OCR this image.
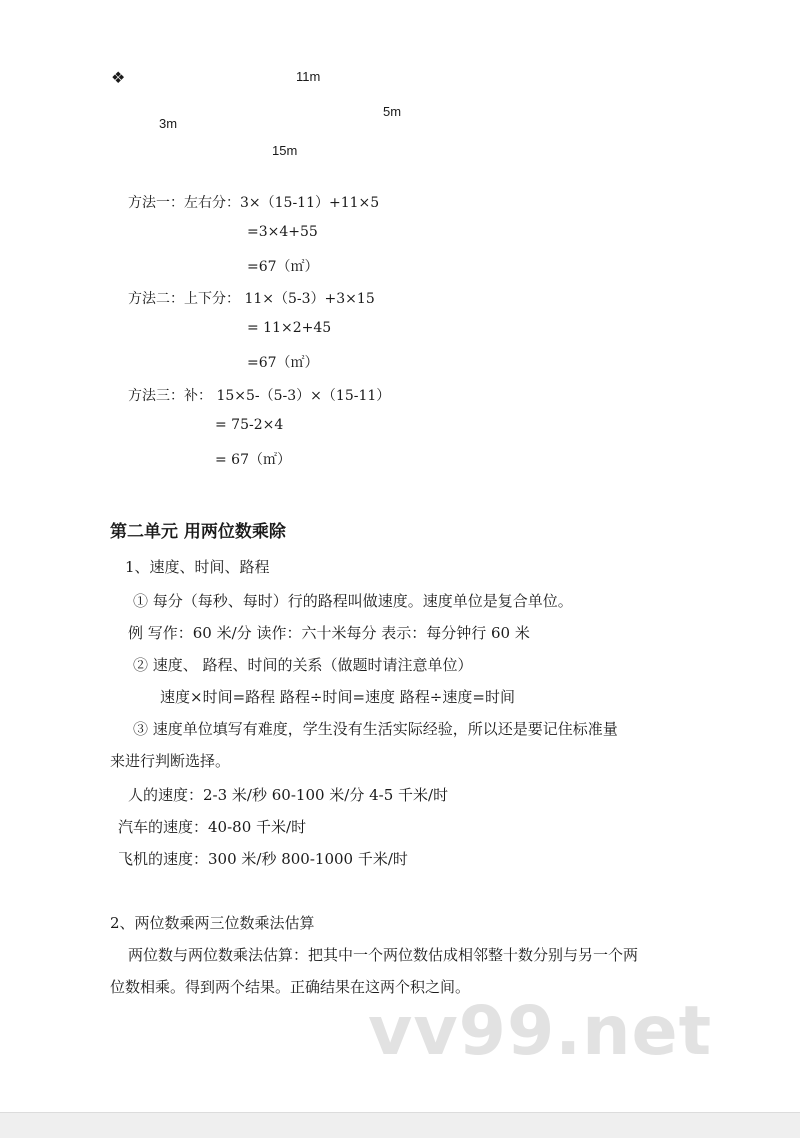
❖	11m
5m
3m
15m
方法一：左右分：3×（15-11）+11×5
=3×4+55
=67（㎡）
方法二：上下分： 11×（5-3）+3×15
= 11×2+45
=67（㎡）
方法三：补： 15×5-（5-3）×（15-11）
= 75-2×4
= 67（㎡）
第二单元 用两位数乘除
1、速度、时间、路程
① 每分（每秒、每时）行的路程叫做速度。速度单位是复合单位。
例 写作：60 米/分 读作：六十米每分 表示：每分钟行 60 米
② 速度、 路程、时间的关系（做题时请注意单位）
速度×时间=路程 路程÷时间=速度 路程÷速度=时间
③ 速度单位填写有难度，学生没有生活实际经验，所以还是要记住标准量
来进行判断选择。
人的速度：2-3 米/秒 60-100 米/分 4-5 千米/时
汽车的速度：40-80 千米/时
飞机的速度：300 米/秒 800-1000 千米/时
2、两位数乘两三位数乘法估算
两位数与两位数乘法估算：把其中一个两位数估成相邻整十数分别与另一个两
位数相乘。得到两个结果。正确结果在这两个积之间。
vv99.net
